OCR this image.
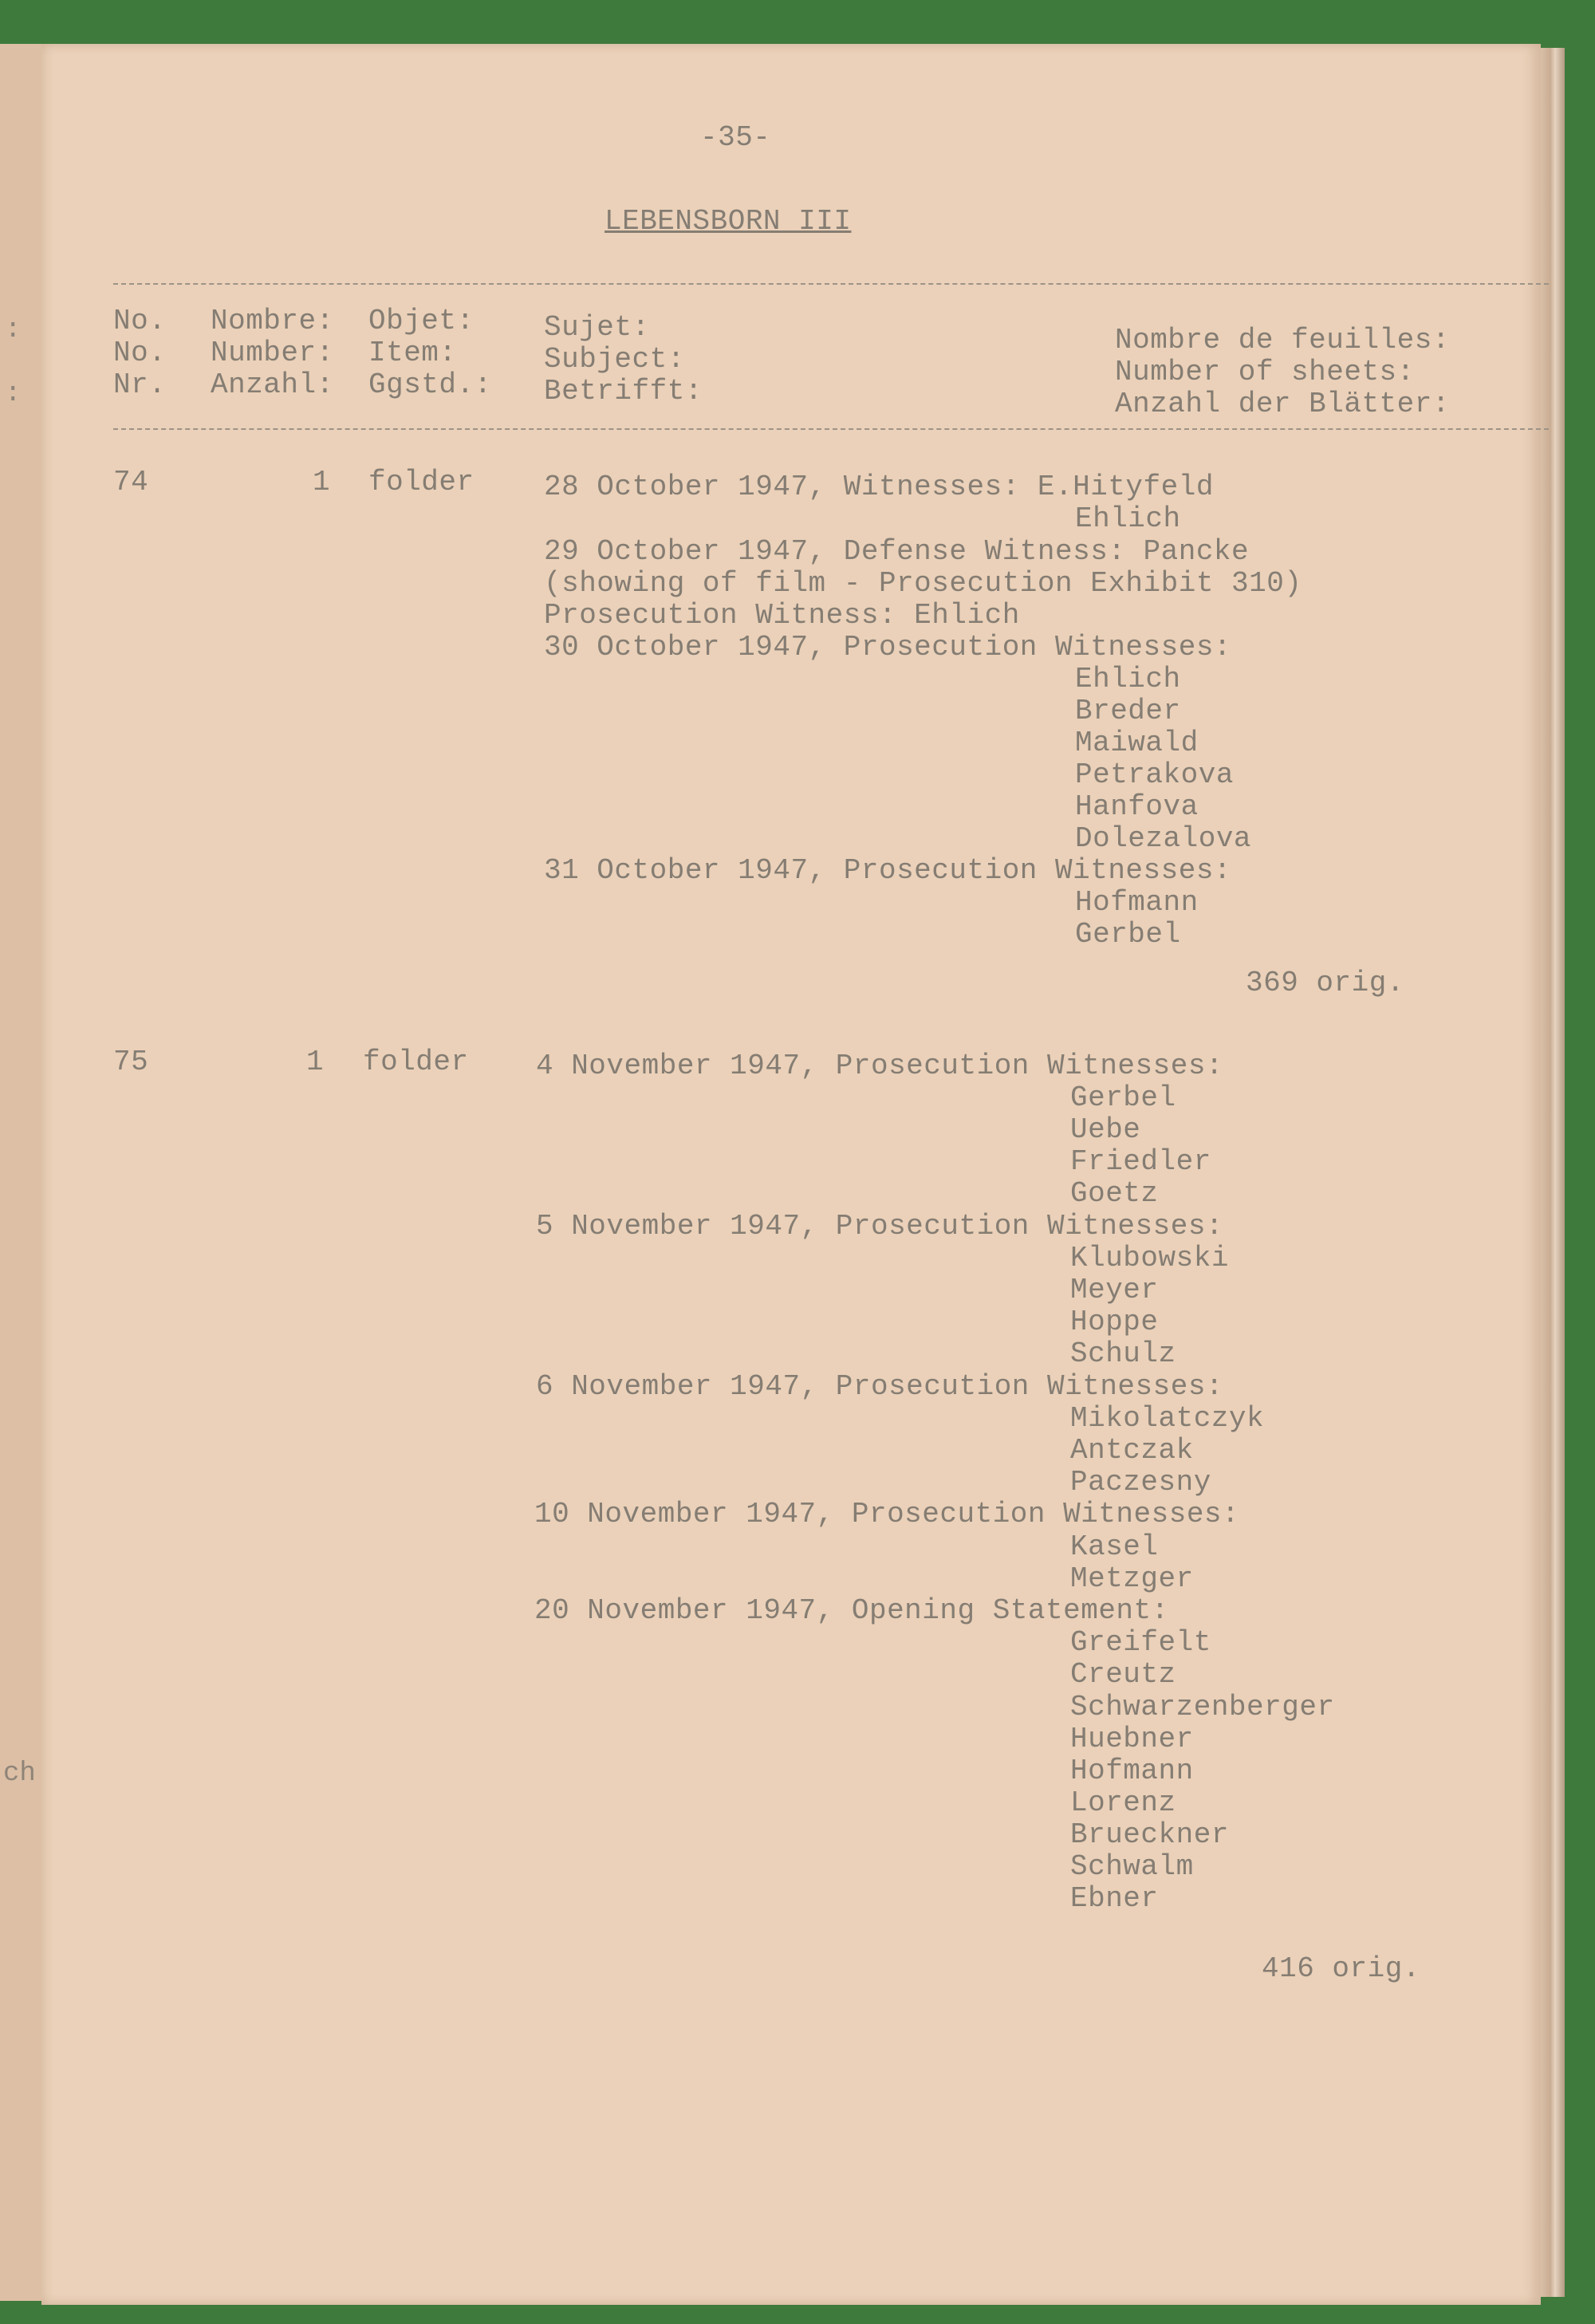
:
:
ch
-35-
LEBENSBORN III
No.
No.
Nr.
Nombre:
Number:
Anzahl:
Objet:
Item:
Ggstd.:
Sujet:
Subject:
Betrifft:
Nombre de feuilles:
Number of sheets:
Anzahl der Blätter:
74	1 folder 28 October 1947, Witnesses: E.Hityfeld
Ehlich
29 October 1947, Defense Witness: Pancke
(showing of film - Prosecution Exhibit 310)
Prosecution Witness: Ehlich
30 October 1947, Prosecution Witnesses:
Ehlich
Breder
Maiwald
Petrakova
Hanfova
Dolezalova
31 October 1947, Prosecution Witnesses:
Hofmann
Gerbel
369 orig.
75	1 folder 4 November 1947, Prosecution Witnesses:
Gerbel
Uebe
Friedler
Goetz
5 November 1947, Prosecution Witnesses:
Klubowski
Meyer
Hoppe
Schulz
6 November 1947, Prosecution Witnesses:
Mikolatczyk
Antczak
Paczesny
10 November 1947, Prosecution Witnesses:
Kasel
Metzger
20 November 1947, Opening Statement:
Greifelt
Creutz
Schwarzenberger
Huebner
Hofmann
Lorenz
Brueckner
Schwalm
Ebner
416 orig.
